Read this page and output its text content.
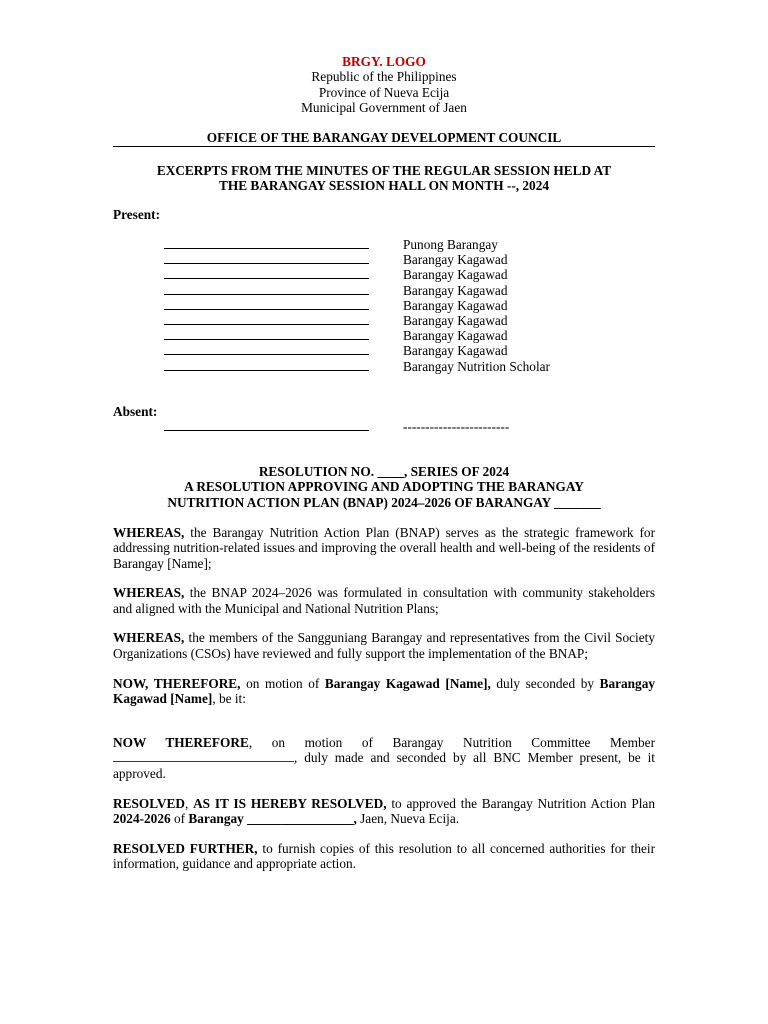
BRGY. LOGO
Republic of the Philippines
Province of Nueva Ecija
Municipal Government of Jaen
OFFICE OF THE BARANGAY DEVELOPMENT COUNCIL
EXCERPTS FROM THE MINUTES OF THE REGULAR SESSION HELD AT
THE BARANGAY SESSION HALL ON MONTH --, 2024
Present:
Punong Barangay
Barangay Kagawad
Barangay Kagawad
Barangay Kagawad
Barangay Kagawad
Barangay Kagawad
Barangay Kagawad
Barangay Kagawad
Barangay Nutrition Scholar
Absent:
------------------------
RESOLUTION NO. ____, SERIES OF 2024
A RESOLUTION APPROVING AND ADOPTING THE BARANGAY
NUTRITION ACTION PLAN (BNAP) 2024–2026 OF BARANGAY _______

WHEREAS, the Barangay Nutrition Action Plan (BNAP) serves as the strategic framework for addressing nutrition-related issues and improving the overall health and well-being of the residents of Barangay [Name];

WHEREAS, the BNAP 2024–2026 was formulated in consultation with community stakeholders and aligned with the Municipal and National Nutrition Plans;

WHEREAS, the members of the Sangguniang Barangay and representatives from the Civil Society Organizations (CSOs) have reviewed and fully support the implementation of the BNAP;

NOW, THEREFORE, on motion of Barangay Kagawad [Name], duly seconded by Barangay Kagawad [Name], be it:

NOW THEREFORE, on motion of Barangay Nutrition Committee Member , duly made and seconded by all BNC Member present, be it approved.

RESOLVED, AS IT IS HEREBY RESOLVED, to approved the Barangay Nutrition Action Plan 2024-2026 of Barangay ________________, Jaen, Nueva Ecija.

RESOLVED FURTHER, to furnish copies of this resolution to all concerned authorities for their information, guidance and appropriate action.
